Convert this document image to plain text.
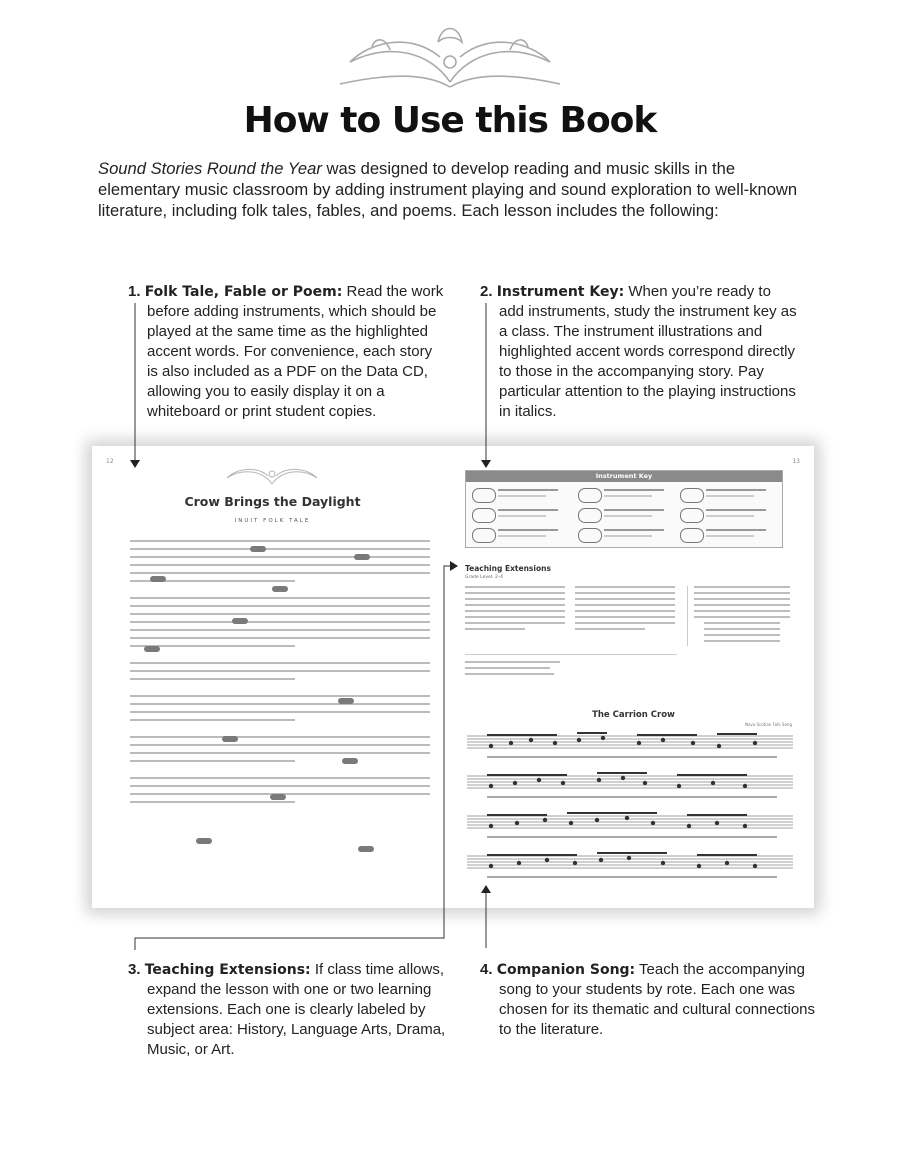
How to Use this Book
Sound Stories Round the Year was designed to develop reading and music skills in the elementary music classroom by adding instrument playing and sound exploration to well-known literature, including folk tales, fables, and poems. Each lesson includes the following:
1. Folk Tale, Fable or Poem: Read the work before adding instruments, which should be played at the same time as the highlighted accent words. For convenience, each story is also included as a PDF on the Data CD, allowing you to easily display it on a whiteboard or print student copies.
2. Instrument Key: When you’re ready to add instruments, study the instrument key as a class. The instrument illustrations and highlighted accent words correspond directly to those in the accompanying story. Pay particular attention to the playing instructions in italics.
3. Teaching Extensions: If class time allows, expand the lesson with one or two learning extensions. Each one is clearly labeled by subject area: History, Language Arts, Drama, Music, or Art.
4. Companion Song: Teach the accompanying song to your students by rote. Each one was chosen for its thematic and cultural connections to the literature.
12
Crow Brings the Daylight
INUIT FOLK TALE
13
Instrument Key
Teaching Extensions
Grade Level: 2–4
The Carrion Crow
Nova Scotian Folk Song
